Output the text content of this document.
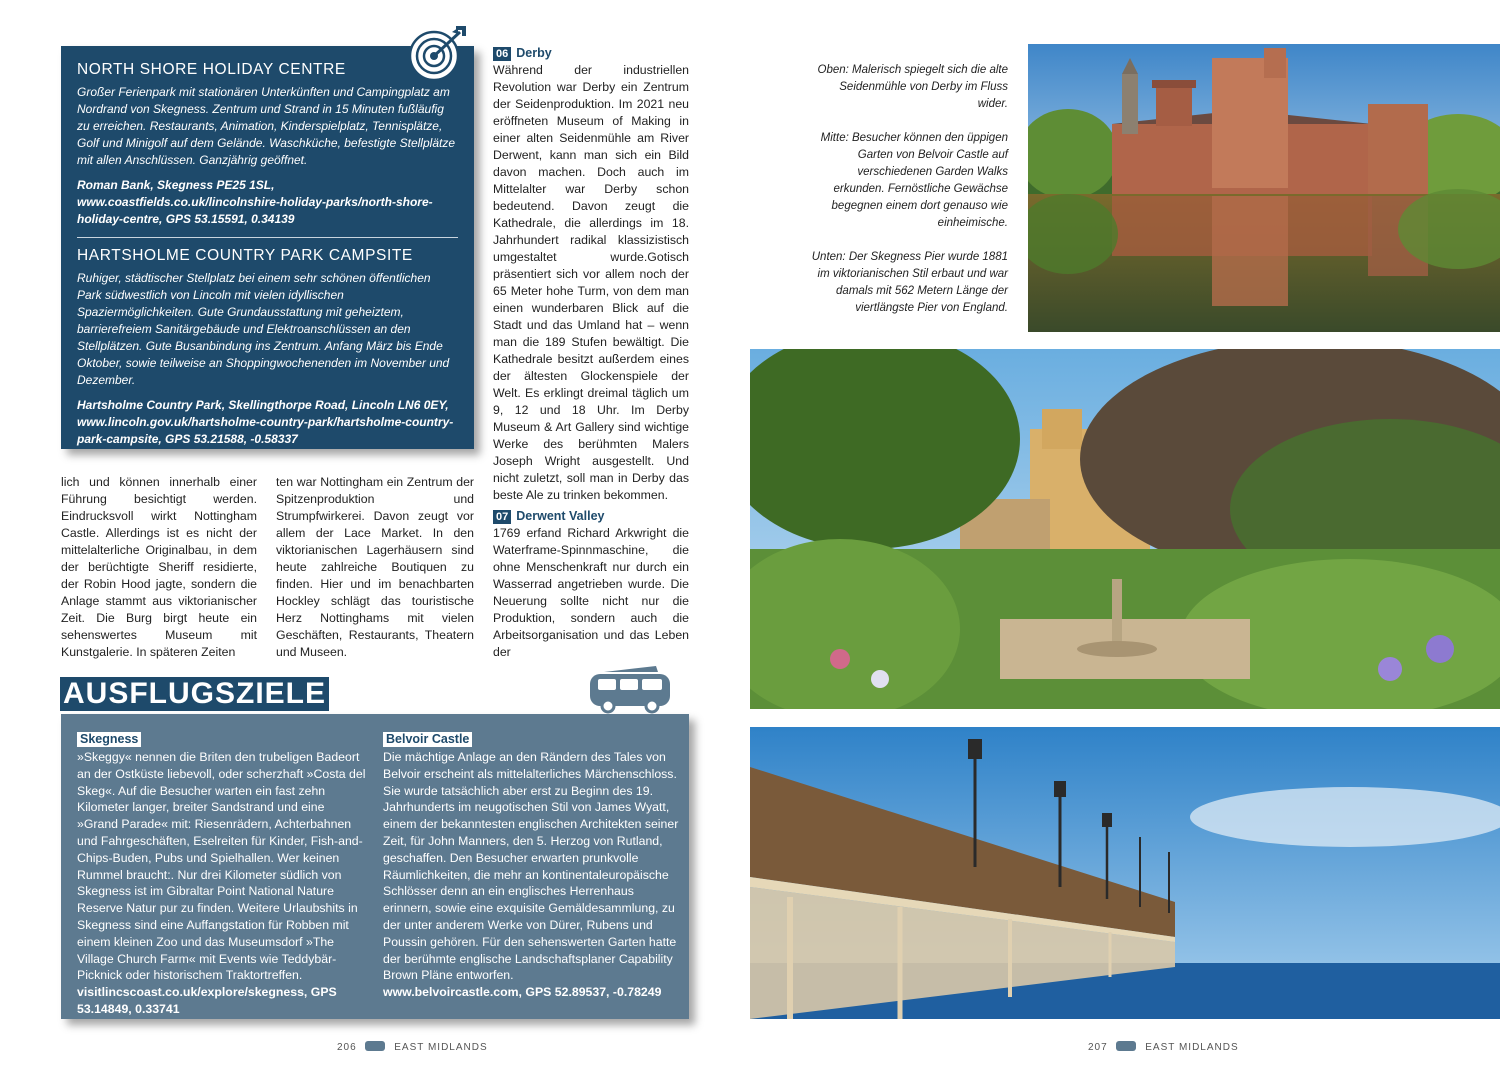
NORTH SHORE HOLIDAY CENTRE
Großer Ferienpark mit stationären Unterkünften und Campingplatz am Nordrand von Skegness. Zentrum und Strand in 15 Minuten fußläufig zu erreichen. Restaurants, Animation, Kinderspielplatz, Tennisplätze, Golf und Minigolf auf dem Gelände. Waschküche, befestigte Stellplätze mit allen Anschlüssen. Ganzjährig geöffnet.
Roman Bank, Skegness PE25 1SL, www.coastfields.co.uk/lincolnshire-holiday-parks/north-shore-holiday-centre, GPS 53.15591, 0.34139
HARTSHOLME COUNTRY PARK CAMPSITE
Ruhiger, städtischer Stellplatz bei einem sehr schönen öffentlichen Park südwestlich von Lincoln mit vielen idyllischen Spaziermöglichkeiten. Gute Grundausstattung mit geheiztem, barrierefreiem Sanitärgebäude und Elektroanschlüssen an den Stellplätzen. Gute Busanbindung ins Zentrum. Anfang März bis Ende Oktober, sowie teilweise an Shoppingwochenenden im November und Dezember.
Hartsholme Country Park, Skellingthorpe Road, Lincoln LN6 0EY, www.lincoln.gov.uk/hartsholme-country-park/hartsholme-country-park-campsite, GPS 53.21588, -0.58337
lich und können innerhalb einer Führung besichtigt werden. Eindrucksvoll wirkt Nottingham Castle. Allerdings ist es nicht der mittelalterliche Originalbau, in dem der berüchtigte Sheriff residierte, der Robin Hood jagte, sondern die Anlage stammt aus viktorianischer Zeit. Die Burg birgt heute ein sehenswertes Museum mit Kunstgalerie. In späteren Zeiten
ten war Nottingham ein Zentrum der Spitzenproduktion und Strumpfwirkerei. Davon zeugt vor allem der Lace Market. In den viktorianischen Lagerhäusern sind heute zahlreiche Boutiquen zu finden. Hier und im benachbarten Hockley schlägt das touristische Herz Nottinghams mit vielen Geschäften, Restaurants, Theatern und Museen.
06 Derby
Während der industriellen Revolution war Derby ein Zentrum der Seidenproduktion. Im 2021 neu eröffneten Museum of Making in einer alten Seidenmühle am River Derwent, kann man sich ein Bild davon machen. Doch auch im Mittelalter war Derby schon bedeutend. Davon zeugt die Kathedrale, die allerdings im 18. Jahrhundert radikal klassizistisch umgestaltet wurde.Gotisch präsentiert sich vor allem noch der 65 Meter hohe Turm, von dem man einen wunderbaren Blick auf die Stadt und das Umland hat – wenn man die 189 Stufen bewältigt. Die Kathedrale besitzt außerdem eines der ältesten Glockenspiele der Welt. Es erklingt dreimal täglich um 9, 12 und 18 Uhr. Im Derby Museum & Art Gallery sind wichtige Werke des berühmten Malers Joseph Wright ausgestellt. Und nicht zuletzt, soll man in Derby das beste Ale zu trinken bekommen.
07 Derwent Valley
1769 erfand Richard Arkwright die Waterframe-Spinnmaschine, die ohne Menschenkraft nur durch ein Wasserrad angetrieben wurde. Die Neuerung sollte nicht nur die Produktion, sondern auch die Arbeitsorganisation und das Leben der
Skegness
»Skeggy« nennen die Briten den trubeligen Badeort an der Ostküste liebevoll, oder scherzhaft »Costa del Skeg«. Auf die Besucher warten ein fast zehn Kilometer langer, breiter Sandstrand und eine »Grand Parade« mit: Riesenrädern, Achterbahnen und Fahrgeschäften, Eselreiten für Kinder, Fish-and-Chips-Buden, Pubs und Spielhallen. Wer keinen Rummel braucht:. Nur drei Kilometer südlich von Skegness ist im Gibraltar Point National Nature Reserve Natur pur zu finden. Weitere Urlaubshits in Skegness sind eine Auffangstation für Robben mit einem kleinen Zoo und das Museumsdorf »The Village Church Farm« mit Events wie Teddybär-Picknick oder historischem Traktortreffen.
visitlincscoast.co.uk/explore/skegness, GPS 53.14849, 0.33741
Belvoir Castle
Die mächtige Anlage an den Rändern des Tales von Belvoir erscheint als mittelalterliches Märchenschloss. Sie wurde tatsächlich aber erst zu Beginn des 19. Jahrhunderts im neugotischen Stil von James Wyatt, einem der bekanntesten englischen Architekten seiner Zeit, für John Manners, den 5. Herzog von Rutland, geschaffen. Den Besucher erwarten prunkvolle Räumlichkeiten, die mehr an kontinentaleuropäische Schlösser denn an ein englisches Herrenhaus erinnern, sowie eine exquisite Gemäldesammlung, zu der unter anderem Werke von Dürer, Rubens und Poussin gehören. Für den sehenswerten Garten hatte der berühmte englische Landschaftsplaner Capability Brown Pläne entworfen.
www.belvoircastle.com, GPS 52.89537, -0.78249
AUSFLUGSZIELE

Oben: Malerisch spiegelt sich die alte Seidenmühle von Derby im Fluss wider.

Mitte: Besucher können den üppigen Garten von Belvoir Castle auf verschiedenen Garden Walks erkunden. Fernöstliche Gewächse begegnen einem dort genauso wie einheimische.

Unten: Der Skegness Pier wurde 1881 im viktorianischen Stil erbaut und war damals mit 562 Metern Länge der viertlängste Pier von England.

206	EAST MIDLANDS	207	EAST MIDLANDS
